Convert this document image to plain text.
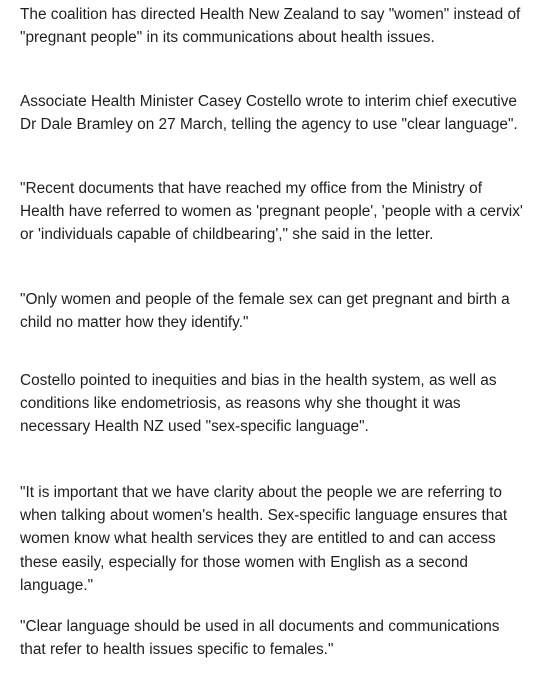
The coalition has directed Health New Zealand to say "women" instead of "pregnant people" in its communications about health issues.

Associate Health Minister Casey Costello wrote to interim chief executive Dr Dale Bramley on 27 March, telling the agency to use "clear language".

"Recent documents that have reached my office from the Ministry of Health have referred to women as 'pregnant people', 'people with a cervix' or 'individuals capable of childbearing'," she said in the letter.

"Only women and people of the female sex can get pregnant and birth a child no matter how they identify."

Costello pointed to inequities and bias in the health system, as well as conditions like endometriosis, as reasons why she thought it was necessary Health NZ used "sex-specific language".

"It is important that we have clarity about the people we are referring to when talking about women's health. Sex-specific language ensures that women know what health services they are entitled to and can access these easily, especially for those women with English as a second language."

"Clear language should be used in all documents and communications that refer to health issues specific to females."
